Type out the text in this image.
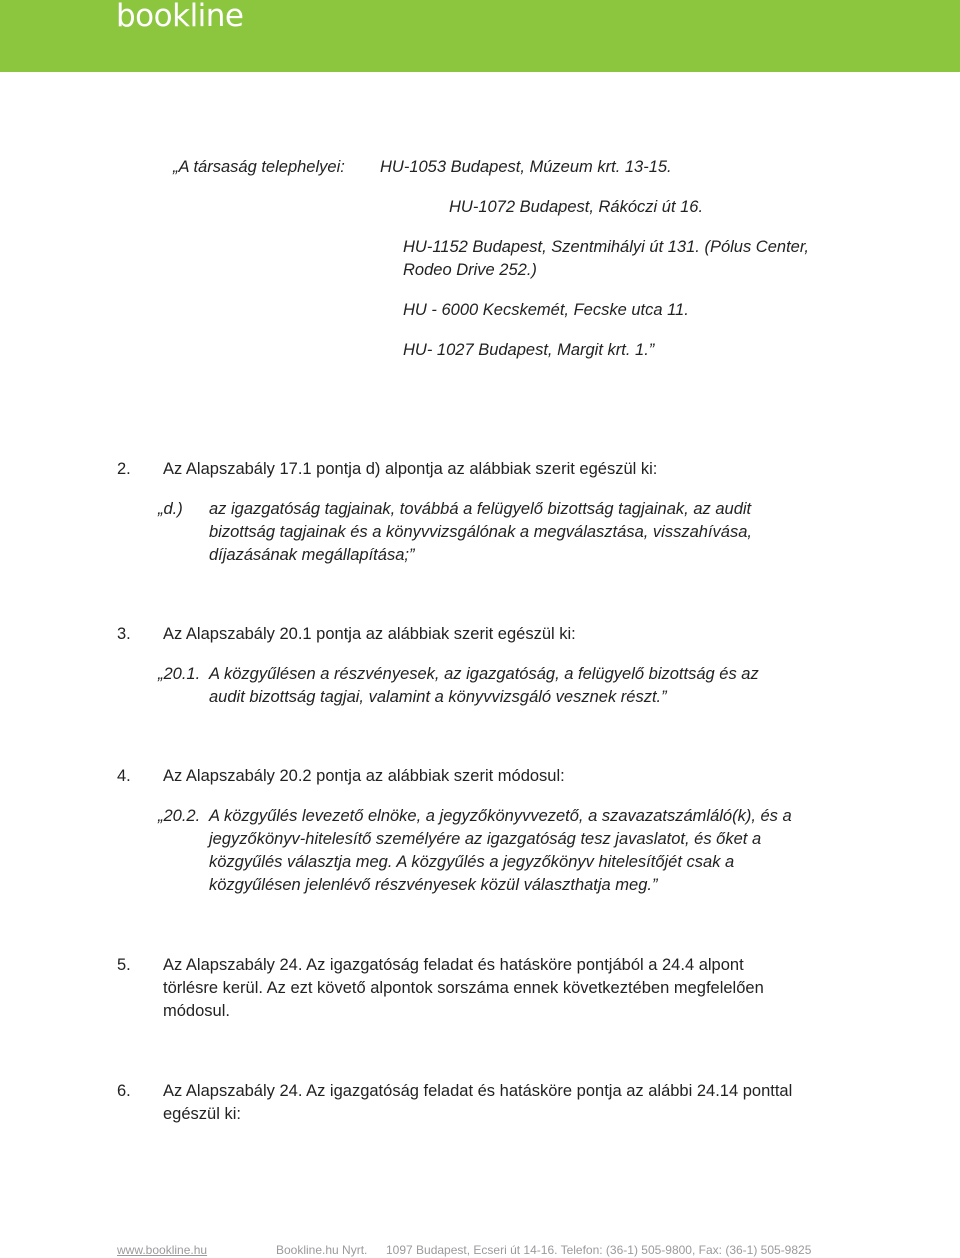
bookline
„A társaság telephelyei: HU-1053 Budapest, Múzeum krt. 13-15.
HU-1072 Budapest, Rákóczi út 16.
HU-1152 Budapest, Szentmihályi út 131. (Pólus Center,
Rodeo Drive 252.)
HU - 6000 Kecskemét, Fecske utca 11.
HU- 1027 Budapest, Margit krt. 1.”
2. Az Alapszabály 17.1 pontja d) alpontja az alábbiak szerit egészül ki:
„d.) az igazgatóság tagjainak, továbbá a felügyelő bizottság tagjainak, az audit
bizottság tagjainak és a könyvvizsgálónak a megválasztása, visszahívása,
díjazásának megállapítása;”
3. Az Alapszabály 20.1 pontja az alábbiak szerit egészül ki:
„20.1. A közgyűlésen a részvényesek, az igazgatóság, a felügyelő bizottság és az
audit bizottság tagjai, valamint a könyvvizsgáló vesznek részt.”
4. Az Alapszabály 20.2 pontja az alábbiak szerit módosul:
„20.2. A közgyűlés levezető elnöke, a jegyzőkönyvvezető, a szavazatszámláló(k), és a
jegyzőkönyv-hitelesítő személyére az igazgatóság tesz javaslatot, és őket a
közgyűlés választja meg. A közgyűlés a jegyzőkönyv hitelesítőjét csak a
közgyűlésen jelenlévő részvényesek közül választhatja meg.”
5. Az Alapszabály 24. Az igazgatóság feladat és hatásköre pontjából a 24.4 alpont
törlésre kerül. Az ezt követő alpontok sorszáma ennek következtében megfelelően
módosul.
6. Az Alapszabály 24. Az igazgatóság feladat és hatásköre pontja az alábbi 24.14 ponttal
egészül ki:
www.bookline.hu	Bookline.hu Nyrt. 1097 Budapest, Ecseri út 14-16. Telefon: (36-1) 505-9800, Fax: (36-1) 505-9825
